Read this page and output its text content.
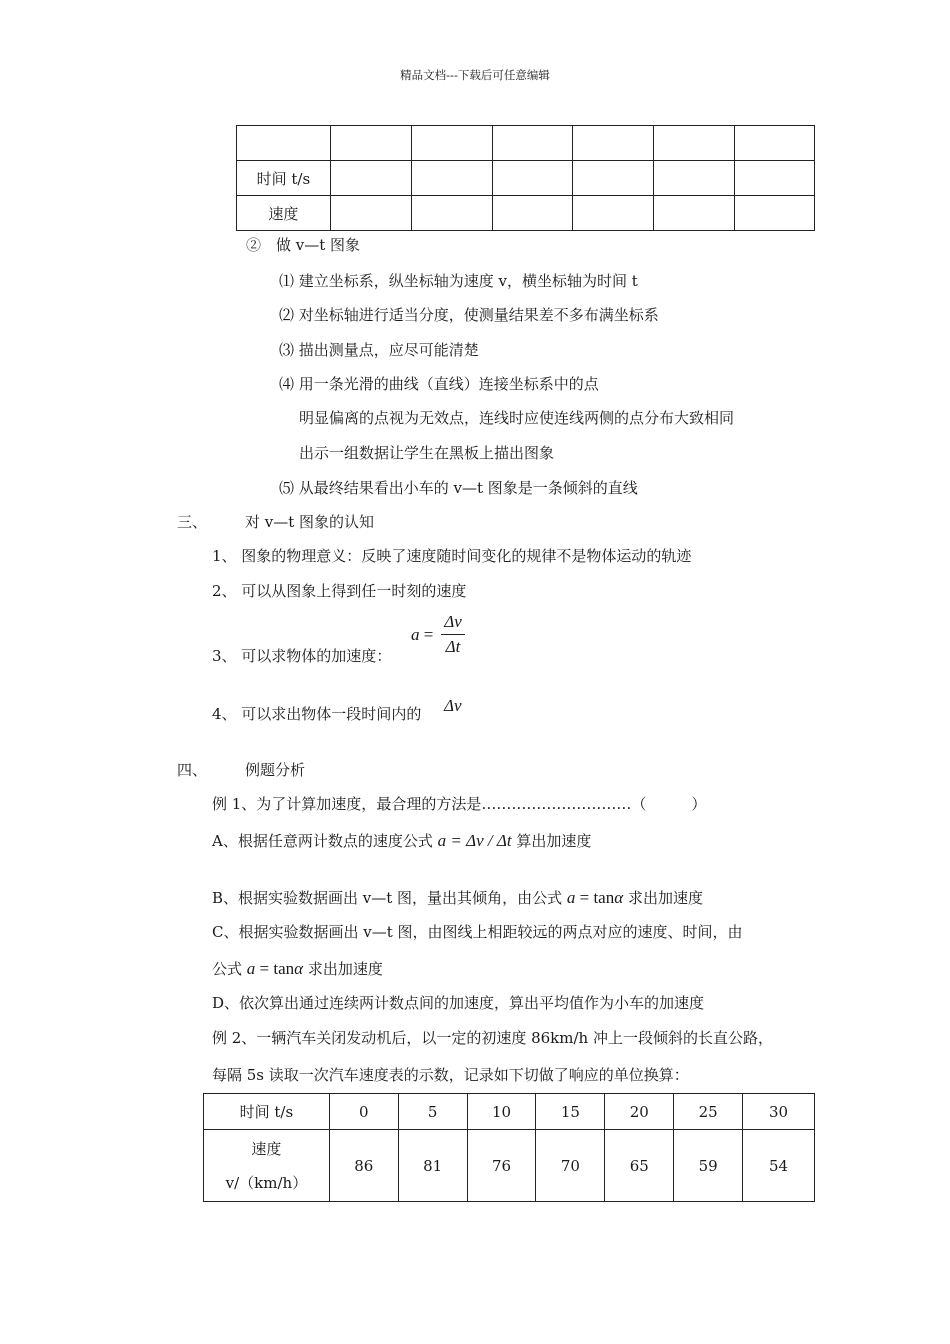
精品文档---下载后可任意编辑

时间 t/s						
速度						
②　做 v—t 图象
⑴ 建立坐标系，纵坐标轴为速度 v，横坐标轴为时间 t
⑵ 对坐标轴进行适当分度，使测量结果差不多布满坐标系
⑶ 描出测量点，应尽可能清楚
⑷ 用一条光滑的曲线（直线）连接坐标系中的点
明显偏离的点视为无效点，连线时应使连线两侧的点分布大致相同
出示一组数据让学生在黑板上描出图象
⑸ 从最终结果看出小车的 v—t 图象是一条倾斜的直线
三、	对 v—t 图象的认知
1、 图象的物理意义：反映了速度随时间变化的规律不是物体运动的轨迹
2、 可以从图象上得到任一时刻的速度
3、 可以求物体的加速度：
a =
Δv
Δt
4、 可以求出物体一段时间内的 Δv
四、	例题分析
例 1、为了计算加速度，最合理的方法是…………………………（　　　）
A、根据任意两计数点的速度公式 a = Δv / Δt 算出加速度
B、根据实验数据画出 v—t 图，量出其倾角，由公式 a = tanα 求出加速度
C、根据实验数据画出 v—t 图，由图线上相距较远的两点对应的速度、时间，由
公式 a = tanα 求出加速度
D、依次算出通过连续两计数点间的加速度，算出平均值作为小车的加速度
例 2、一辆汽车关闭发动机后，以一定的初速度 86km/h 冲上一段倾斜的长直公路，
每隔 5s 读取一次汽车速度表的示数，记录如下切做了响应的单位换算：
时间 t/s	0	5	10	15	20	25	30

速度
v/（km/h）	86	81	76	70	65	59	54
